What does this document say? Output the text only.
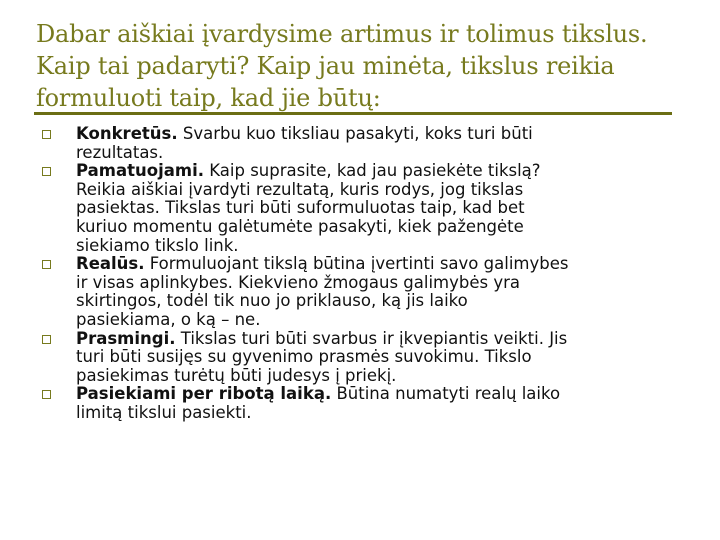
Dabar aiškiai įvardysime artimus ir tolimus tikslus.
Kaip tai padaryti? Kaip jau minėta, tikslus reikia
formuluoti taip, kad jie būtų:
Konkretūs. Svarbu kuo tiksliau pasakyti, koks turi būti
rezultatas.
Pamatuojami. Kaip suprasite, kad jau pasiekėte tikslą?
Reikia aiškiai įvardyti rezultatą, kuris rodys, jog tikslas
pasiektas. Tikslas turi būti suformuluotas taip, kad bet
kuriuo momentu galėtumėte pasakyti, kiek pažengėte
siekiamo tikslo link.
Realūs. Formuluojant tikslą būtina įvertinti savo galimybes
ir visas aplinkybes. Kiekvieno žmogaus galimybės yra
skirtingos, todėl tik nuo jo priklauso, ką jis laiko
pasiekiama, o ką – ne.
Prasmingi. Tikslas turi būti svarbus ir įkvepiantis veikti. Jis
turi būti susijęs su gyvenimo prasmės suvokimu. Tikslo
pasiekimas turėtų būti judesys į priekį.
Pasiekiami per ribotą laiką. Būtina numatyti realų laiko
limitą tikslui pasiekti.
